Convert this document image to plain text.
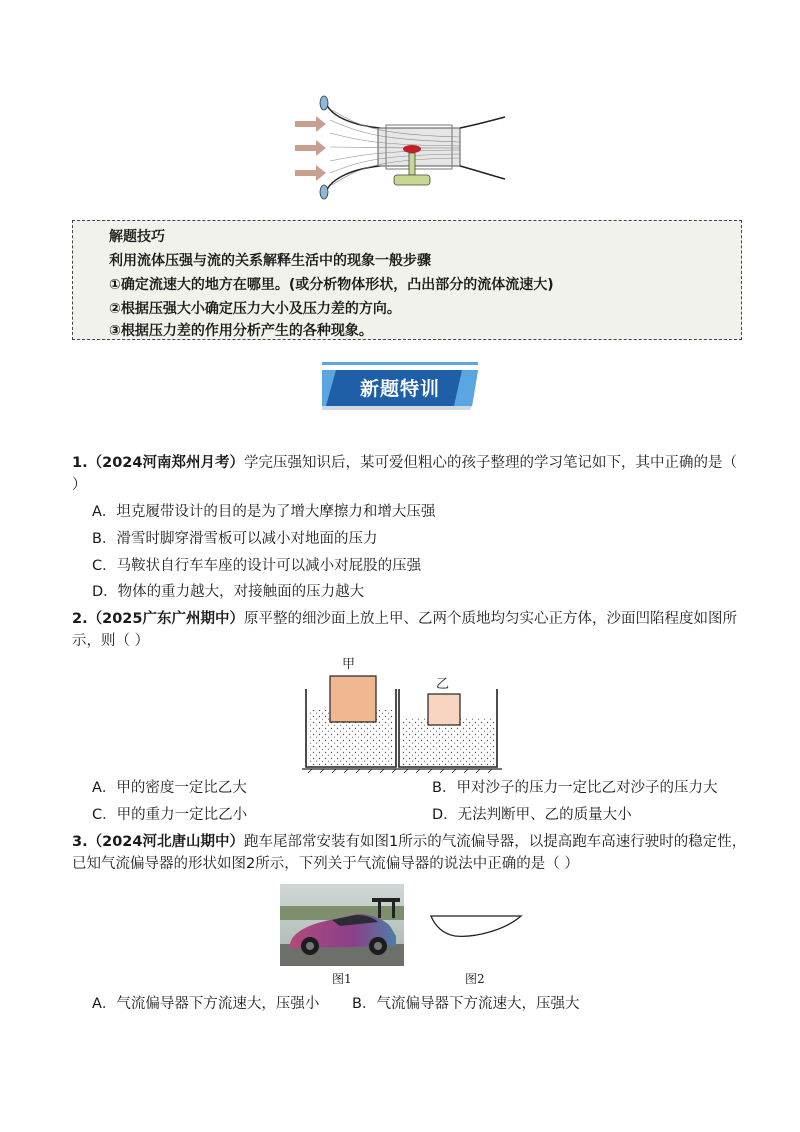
解题技巧
利用流体压强与流的关系解释生活中的现象一般步骤
①确定流速大的地方在哪里。(或分析物体形状，凸出部分的流体流速大)
②根据压强大小确定压力大小及压力差的方向。
③根据压力差的作用分析产生的各种现象。
新题特训
1.（2024河南郑州月考）学完压强知识后，某可爱但粗心的孩子整理的学习笔记如下，其中正确的是（
）
A．坦克履带设计的目的是为了增大摩擦力和增大压强
B．滑雪时脚穿滑雪板可以减小对地面的压力
C．马鞍状自行车车座的设计可以减小对屁股的压强
D．物体的重力越大，对接触面的压力越大
2.（2025广东广州期中）原平整的细沙面上放上甲、乙两个质地均匀实心正方体，沙面凹陷程度如图所
示，则（ ）
甲
乙
A．甲的密度一定比乙大	B．甲对沙子的压力一定比乙对沙子的压力大
C．甲的重力一定比乙小	D．无法判断甲、乙的质量大小
3.（2024河北唐山期中）跑车尾部常安装有如图1所示的气流偏导器，以提高跑车高速行驶时的稳定性，
已知气流偏导器的形状如图2所示，下列关于气流偏导器的说法中正确的是（ ）
图1	图2
A．气流偏导器下方流速大，压强小 B．气流偏导器下方流速大，压强大
